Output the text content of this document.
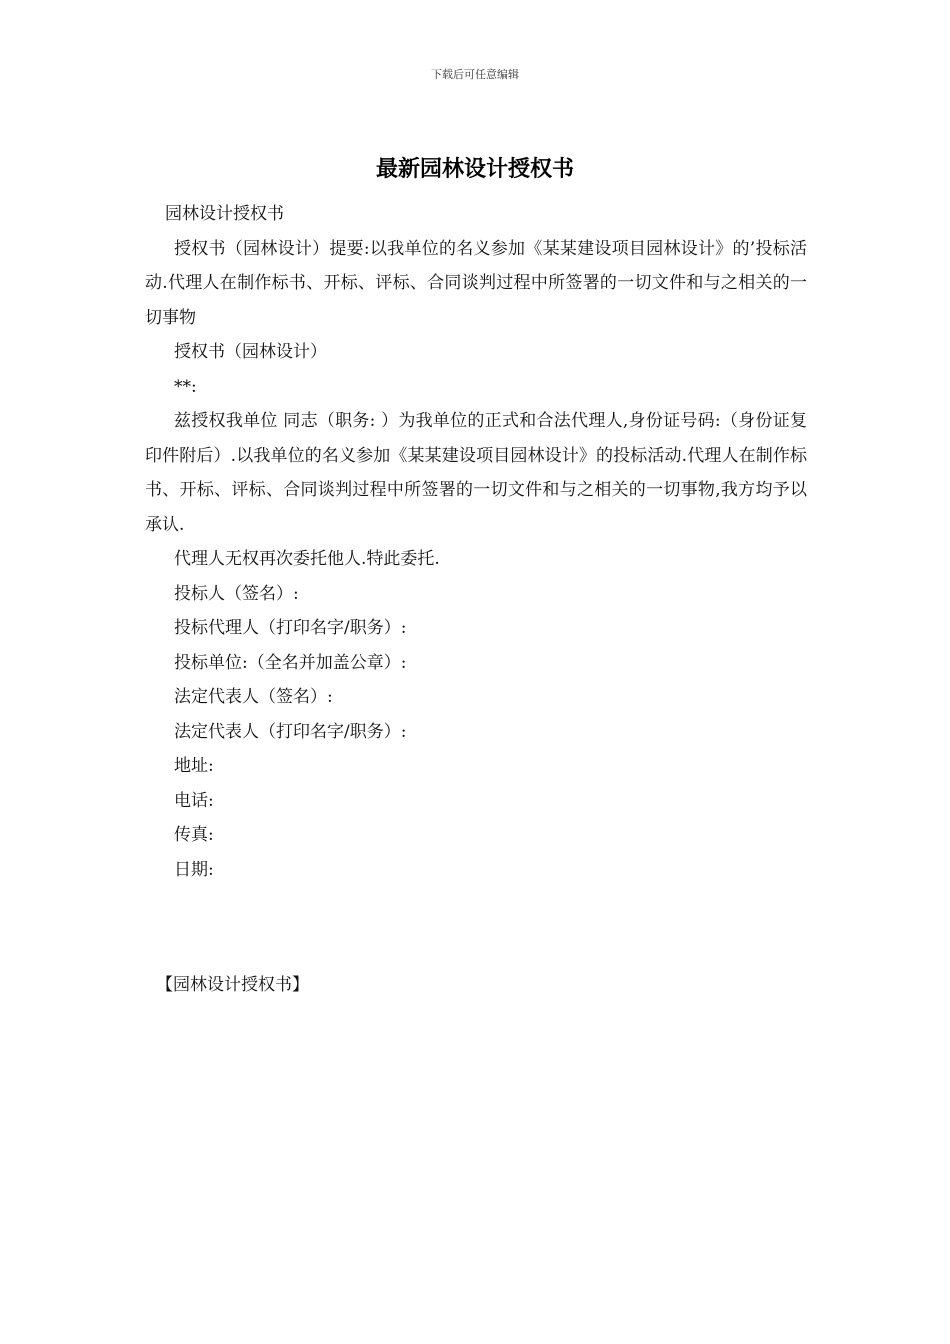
下载后可任意编辑
最新园林设计授权书

园林设计授权书

授权书（园林设计）提要:以我单位的名义参加《某某建设项目园林设计》的’投标活动.代理人在制作标书、开标、评标、合同谈判过程中所签署的一切文件和与之相关的一切事物

授权书（园林设计）

**:

兹授权我单位 同志（职务: ）为我单位的正式和合法代理人,身份证号码:（身份证复印件附后）.以我单位的名义参加《某某建设项目园林设计》的投标活动.代理人在制作标书、开标、评标、合同谈判过程中所签署的一切文件和与之相关的一切事物,我方均予以承认.

代理人无权再次委托他人.特此委托.

投标人（签名）:

投标代理人（打印名字/职务）:

投标单位:（全名并加盖公章）:

法定代表人（签名）:

法定代表人（打印名字/职务）:

地址:

电话:

传真:

日期:

【园林设计授权书】
